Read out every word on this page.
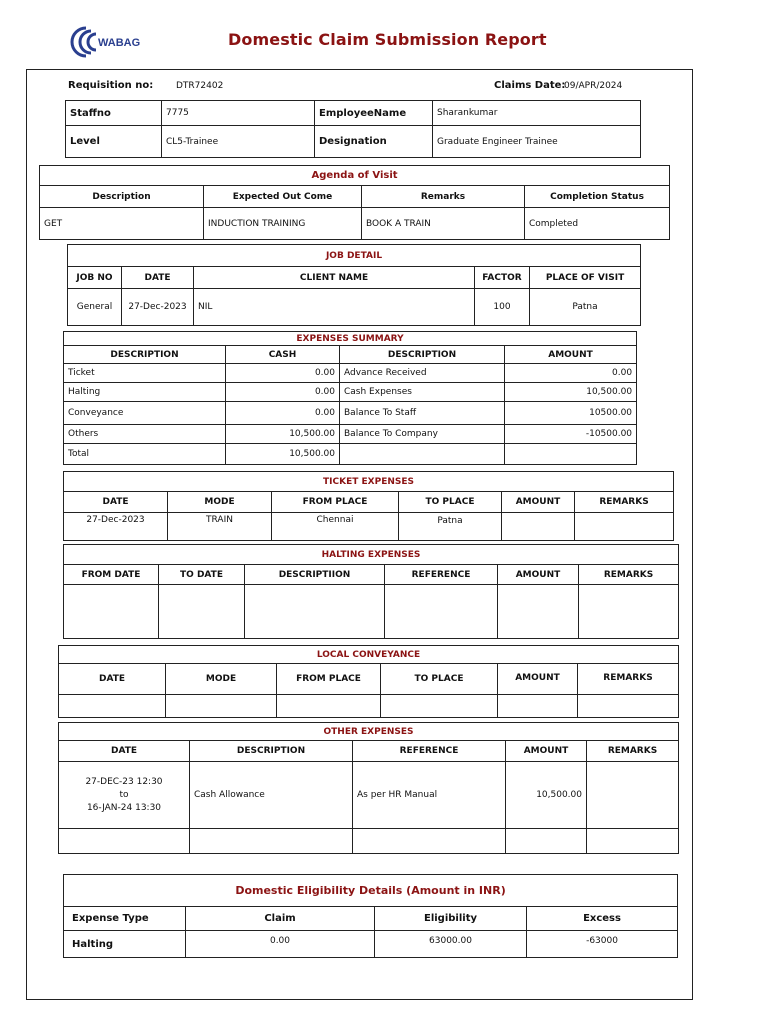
WABAG	Domestic Claim Submission Report
Requisition no:	DTR72402	Claims Date:
09/APR/2024
Staffno	7775	EmployeeName	Sharankumar
Level	CL5-Trainee	Designation	Graduate Engineer Trainee
Agenda of Visit			
Description	Expected Out Come	Remarks	Completion Status
GET	INDUCTION TRAINING	BOOK A TRAIN	Completed
JOB DETAIL				
JOB NO	DATE	CLIENT NAME	FACTOR	PLACE OF VISIT
General	27-Dec-2023	NIL	100	Patna
EXPENSES SUMMARY			
DESCRIPTION	CASH	DESCRIPTION	AMOUNT
Ticket	0.00	Advance Received	0.00
Halting	0.00	Cash Expenses	10,500.00
Conveyance	0.00	Balance To Staff	10500.00
Others	10,500.00	Balance To Company	-10500.00
Total	10,500.00		
TICKET EXPENSES					
DATE	MODE	FROM PLACE	TO PLACE	AMOUNT	REMARKS
27-Dec-2023	TRAIN	Chennai	Patna		
HALTING EXPENSES					
FROM DATE	TO DATE	DESCRIPTIION	REFERENCE	AMOUNT	REMARKS

LOCAL CONVEYANCE					
DATE	MODE	FROM PLACE	TO PLACE	AMOUNT	REMARKS

OTHER EXPENSES				
DATE	DESCRIPTION	REFERENCE	AMOUNT	REMARKS

27-DEC-23 12:30
to
16-JAN-24 13:30	Cash Allowance	As per HR Manual	10,500.00	

Domestic Eligibility Details (Amount in INR)			
Expense Type	Claim	Eligibility	Excess
Halting	0.00	63000.00	-63000
